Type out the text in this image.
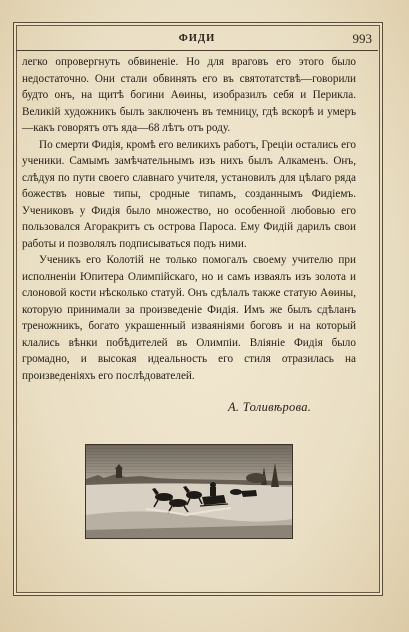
ФИДИ	993

легко опровергнуть обвиненіе. Но для враговъ его этого было недостаточно. Они стали обвинять его въ святотатствѣ—говорили будто онъ, на щитѣ богини Аѳины, изобразилъ себя и Перикла. Великій художникъ былъ заключенъ въ темницу, гдѣ вскорѣ и умеръ—какъ говорятъ отъ яда—68 лѣтъ отъ роду.

По смерти Фидія, кромѣ его великихъ работъ, Греціи остались его ученики. Самымъ замѣчательнымъ изъ нихъ былъ Алкаменъ. Онъ, слѣдуя по пути своего славнаго учителя, установилъ для цѣлаго ряда божествъ новые типы, сродные типамъ, созданнымъ Фидіемъ. Учениковъ у Фидія было множество, но особенной любовью его пользовался Агоракритъ съ острова Пароса. Ему Фидій дарилъ свои работы и позволялъ подписываться подъ ними.

Ученикъ его Колотій не только помогалъ своему учителю при исполненіи Юпитера Олимпійскаго, но и самъ изваялъ изъ золота и слоновой кости нѣсколько статуй. Онъ сдѣлалъ также статую Аѳины, которую принимали за произведеніе Фидія. Имъ же былъ сдѣланъ треножникъ, богато украшенный изваяніями боговъ и на который клались вѣнки побѣдителей въ Олимпіи. Вліяніе Фидія было громадно, и высокая идеальность его стиля отразилась на произведеніяхъ его послѣдователей.

А. Толивѣрова.
